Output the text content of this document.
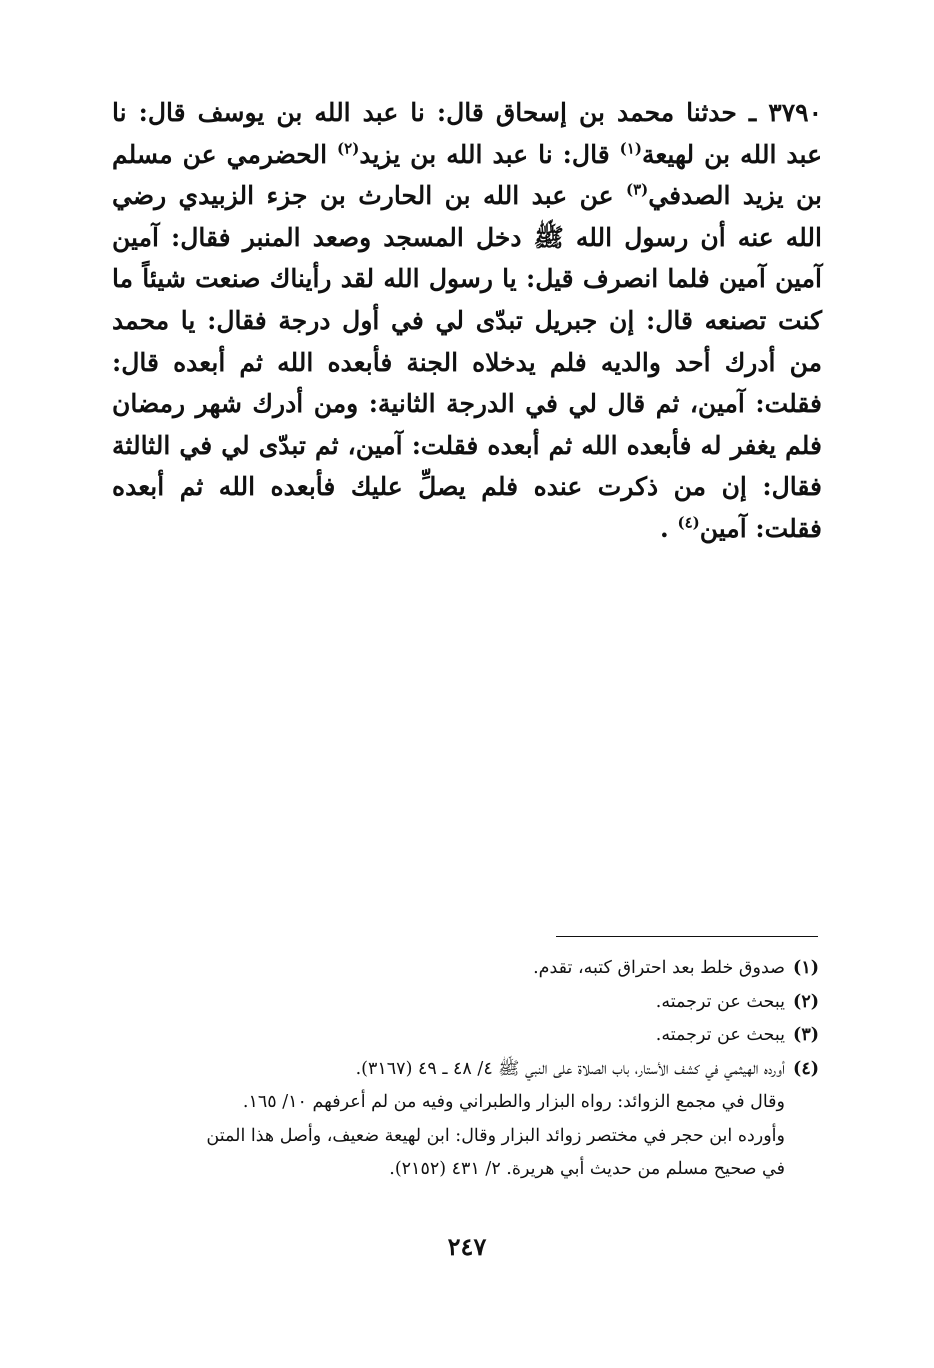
٣٧٩٠ ـ حدثنا محمد بن إسحاق قال: نا عبد الله بن يوسف قال: نا عبد الله بن لهيعة$^{(١)}$ قال: نا عبد الله بن يزيد$^{(٢)}$ الحضرمي عن مسلم بن يزيد الصدفي$^{(٣)}$ عن عبد الله بن الحارث بن جزء الزبيدي رضي الله عنه أن رسول الله ﷺ دخل المسجد وصعد المنبر فقال: آمين آمين آمين فلما انصرف قيل: يا رسول الله لقد رأيناك صنعت شيئاً ما كنت تصنعه قال: إن جبريل تبدّى لي في أول درجة فقال: يا محمد من أدرك أحد والديه فلم يدخلاه الجنة فأبعده الله ثم أبعده قال: فقلت: آمين، ثم قال لي في الدرجة الثانية: ومن أدرك شهر رمضان فلم يغفر له فأبعده الله ثم أبعده فقلت: آمين، ثم تبدّى لي في الثالثة فقال: إن من ذكرت عنده فلم يصلِّ عليك فأبعده الله ثم أبعده فقلت: آمين$^{(٤)}$ .

(١)
صدوق خلط بعد احتراق كتبه، تقدم.
(٢)
يبحث عن ترجمته.
(٣)
يبحث عن ترجمته.
(٤)
أورده الهيثمي في كشف الأستار، باب الصلاة على النبي ﷺ ٤/ ٤٨ ـ ٤٩ (٣١٦٧).
وقال في مجمع الزوائد: رواه البزار والطبراني وفيه من لم أعرفهم ١٠/ ١٦٥.
وأورده ابن حجر في مختصر زوائد البزار وقال: ابن لهيعة ضعيف، وأصل هذا المتن
في صحيح مسلم من حديث أبي هريرة. ٢/ ٤٣١ (٢١٥٢).
٢٤٧
